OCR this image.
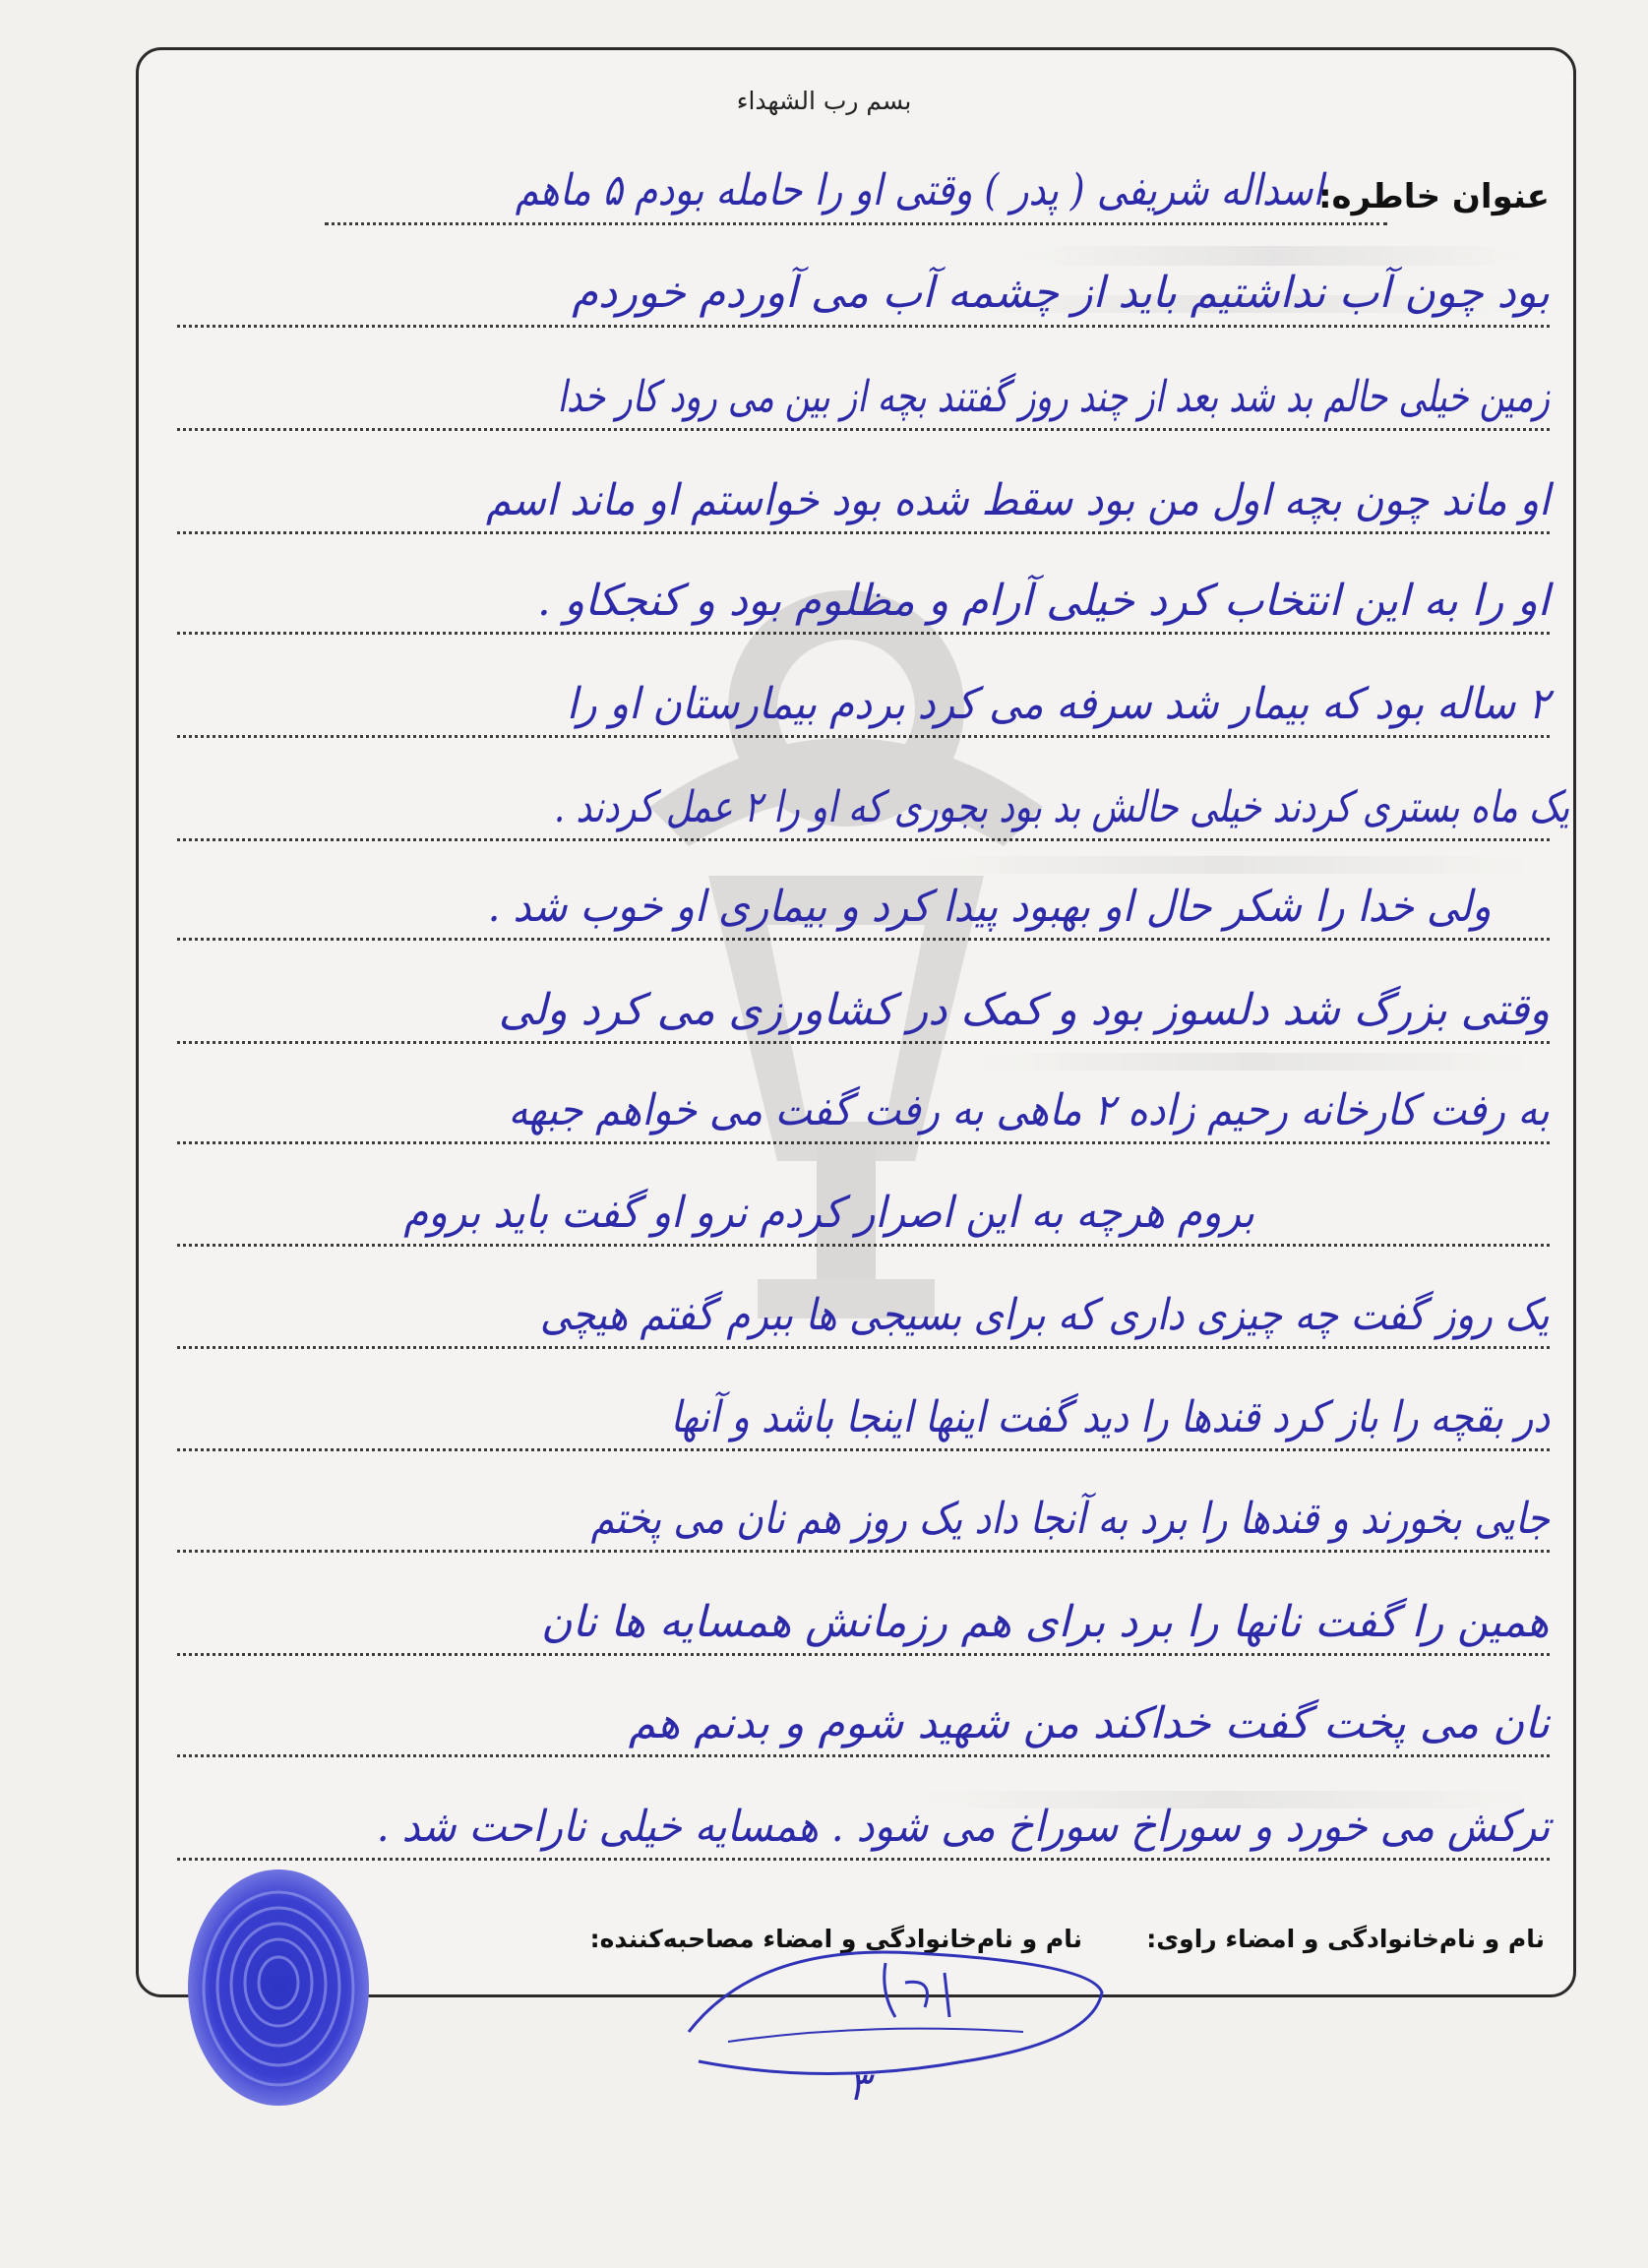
بسم رب الشهداء
عنوان خاطره:
اسداله شریفی ( پدر ) وقتی او را حامله بودم ۵ ماهم
بود چون آب نداشتیم باید از چشمه آب می آوردم خوردم
زمین خیلی حالم بد شد بعد از چند روز گفتند بچه از بین می رود کار خدا
او ماند چون بچه اول من بود سقط شده بود خواستم او ماند اسم
او را به این انتخاب کرد خیلی آرام و مظلوم بود و کنجکاو .
۲ ساله بود که بیمار شد سرفه می کرد بردم بیمارستان او را
یک ماه بستری کردند خیلی حالش بد بود بجوری که او را ۲ عمل کردند .
ولی خدا را شکر حال او بهبود پیدا کرد و بیماری او خوب شد .
وقتی بزرگ شد دلسوز بود و کمک در کشاورزی می کرد ولی
به رفت کارخانه رحیم زاده ۲ ماهی به رفت گفت می خواهم جبهه
بروم هرچه به این اصرار کردم نرو او گفت باید بروم
یک روز گفت چه چیزی داری که برای بسیجی ها ببرم گفتم هیچی
در بقچه را باز کرد قندها را دید گفت اینها اینجا باشد و آنها
جایی بخورند و قندها را برد به آنجا داد یک روز هم نان می پختم
همین را گفت نانها را برد برای هم رزمانش همسایه ها نان
نان می پخت گفت خداکند من شهید شوم و بدنم هم
ترکش می خورد و سوراخ سوراخ می شود . همسایه خیلی ناراحت شد .
نام و نام‌خانوادگی و امضاء راوی:
نام و نام‌خانوادگی و امضاء مصاحبه‌کننده:
۳
